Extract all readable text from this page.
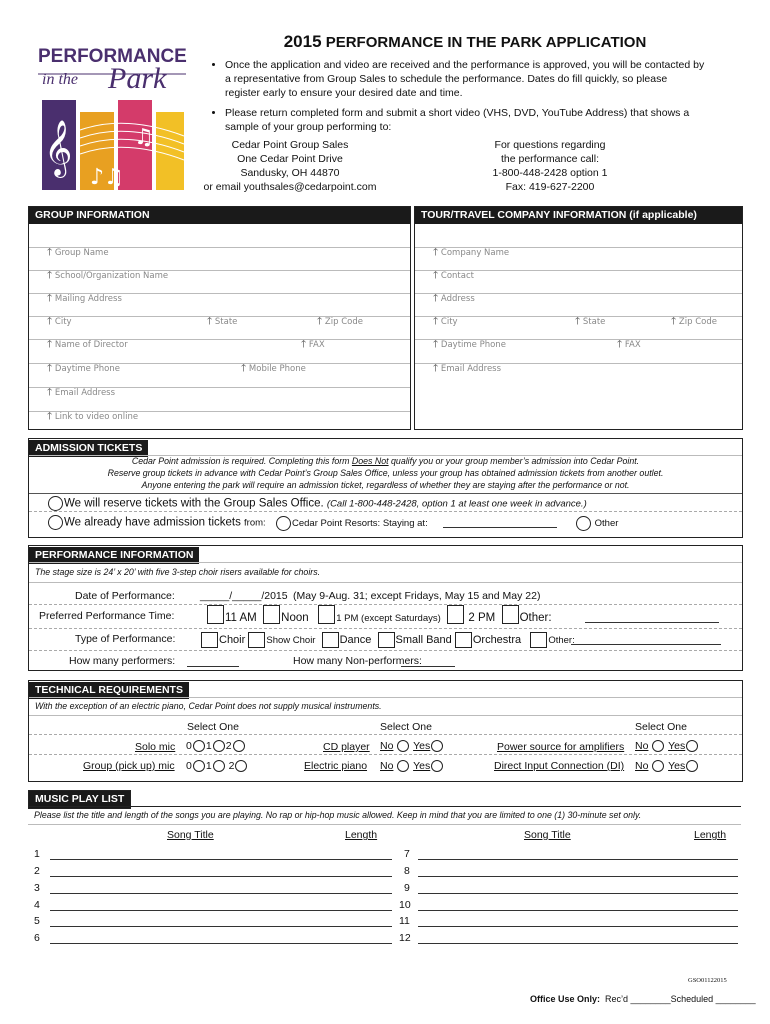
PERFORMANCE
in the Park
𝄞
♪♫
♫
2015 PERFORMANCE IN THE PARK APPLICATION
• Once the application and video are received and the performance is approved, you will be contacted by a representative from Group Sales to schedule the performance. Dates do fill quickly, so please register early to ensure your desired date and time.
• Please return completed form and submit a short video (VHS, DVD, YouTube Address) that shows a sample of your group performing to:
Cedar Point Group Sales
One Cedar Point Drive
Sandusky, OH 44870
or email youthsales@cedarpoint.com
For questions regarding
the performance call:
1-800-448-2428 option 1
Fax: 419-627-2200
GROUP INFORMATION
🡑 Group Name
🡑 School/Organization Name
🡑 Mailing Address
🡑 City	🡑 State	🡑 Zip Code
🡑 Name of Director	🡑 FAX
🡑 Daytime Phone	🡑 Mobile Phone
🡑 Email Address
🡑 Link to video online
TOUR/TRAVEL COMPANY INFORMATION (if applicable)
🡑 Company Name
🡑 Contact
🡑 Address
🡑 City	🡑 State	🡑 Zip Code
🡑 Daytime Phone	🡑 FAX
🡑 Email Address
ADMISSION TICKETS
Cedar Point admission is required. Completing this form Does Not qualify you or your group member’s admission into Cedar Point.
Reserve group tickets in advance with Cedar Point’s Group Sales Office, unless your group has obtained admission tickets from another outlet.
Anyone entering the park will require an admission ticket, regardless of whether they are staying after the performance or not.
We will reserve tickets with the Group Sales Office. (Call 1-800-448-2428, option 1 at least one week in advance.)
We already have admission tickets from:	Cedar Point Resorts: Staying at:	Other
PERFORMANCE INFORMATION
The stage size is 24’ x 20’ with five 3-step choir risers available for choirs.
Date of Performance: _____/_____/2015 (May 9-Aug. 31; except Fridays, May 15 and May 22)
Preferred Performance Time:	11 AM Noon	1 PM (except Saturdays) 2 PM Other:
Type of Performance:	Choir Show Choir Dance Small Band Orchestra	Other:
How many performers:	How many Non-performers:
TECHNICAL REQUIREMENTS
With the exception of an electric piano, Cedar Point does not supply musical instruments.
Select One	Select One	Select One
Solo mic 0 1 2	CD player No Yes	Power source for amplifiers No Yes
Group (pick up) mic 0 1 2	Electric piano No Yes	Direct Input Connection (DI) No Yes
MUSIC PLAY LIST
Please list the title and length of the songs you are playing. No rap or hip-hop music allowed. Keep in mind that you are limited to one (1) 30-minute set only.
Song Title	Length	Song Title	Length
1	7
2	8
3	9
4	10
5	11
6	12
GSO01122015
Office Use Only: Rec’d ________Scheduled ________
